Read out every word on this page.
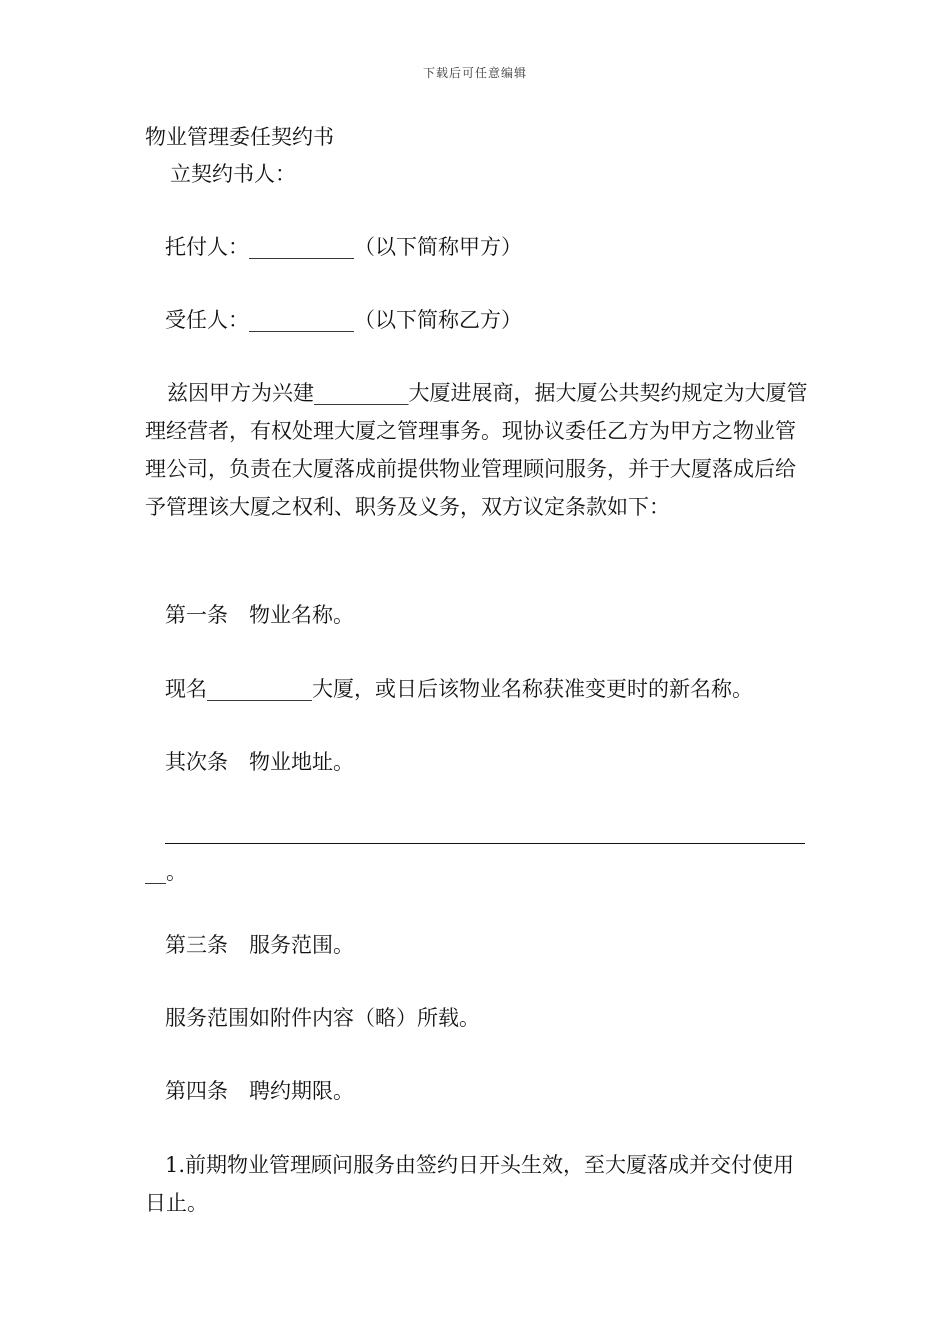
下载后可任意编辑
物业管理委任契约书
立契约书人：
托付人：__________（以下简称甲方）
受任人：__________（以下简称乙方）
兹因甲方为兴建_________大厦进展商，据大厦公共契约规定为大厦管理经营者，有权处理大厦之管理事务。现协议委任乙方为甲方之物业管理公司，负责在大厦落成前提供物业管理顾问服务，并于大厦落成后给予管理该大厦之权利、职务及义务，双方议定条款如下：
第一条　物业名称。
现名__________大厦，或日后该物业名称获准变更时的新名称。
其次条　物业地址。
__。
第三条　服务范围。
服务范围如附件内容（略）所载。
第四条　聘约期限。
1.前期物业管理顾问服务由签约日开头生效，至大厦落成并交付使用日止。
